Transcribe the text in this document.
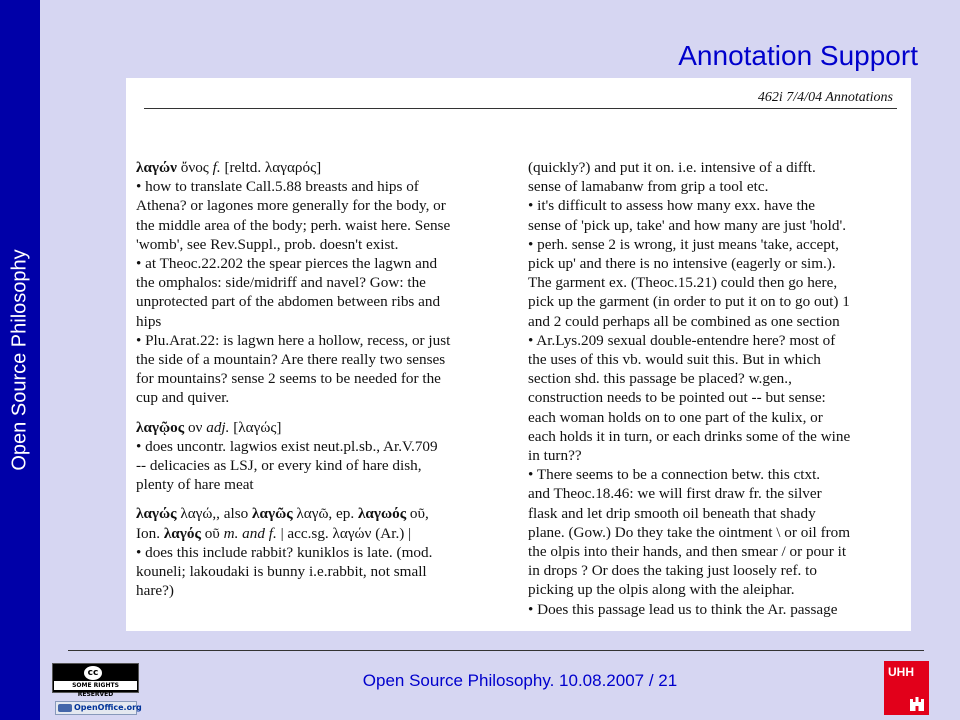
Open Source Philosophy
Annotation Support
462i 7/4/04 Annotations
λαγών ὄνος f. [reltd. λαγαρός]
• how to translate Call.5.88 breasts and hips of
Athena? or lagones more generally for the body, or
the middle area of the body; perh. waist here. Sense
'womb', see Rev.Suppl., prob. doesn't exist.
• at Theoc.22.202 the spear pierces the lagwn and
the omphalos: side/midriff and navel? Gow: the
unprotected part of the abdomen between ribs and
hips
• Plu.Arat.22: is lagwn here a hollow, recess, or just
the side of a mountain? Are there really two senses
for mountains? sense 2 seems to be needed for the
cup and quiver.
λαγῷος ον adj. [λαγώς]
• does uncontr. lagwios exist neut.pl.sb., Ar.V.709
-- delicacies as LSJ, or every kind of hare dish,
plenty of hare meat
λαγώς λαγώ,, also λαγῶς λαγῶ, ep. λαγωός οῦ,
Ion. λαγός οῦ m. and f. | acc.sg. λαγών (Ar.) |
• does this include rabbit? kuniklos is late. (mod.
kouneli; lakoudaki is bunny i.e.rabbit, not small
hare?)
(quickly?) and put it on. i.e. intensive of a difft.
sense of lamabanw from grip a tool etc.
• it's difficult to assess how many exx. have the
sense of 'pick up, take' and how many are just 'hold'.
• perh. sense 2 is wrong, it just means 'take, accept,
pick up' and there is no intensive (eagerly or sim.).
The garment ex. (Theoc.15.21) could then go here,
pick up the garment (in order to put it on to go out) 1
and 2 could perhaps all be combined as one section
• Ar.Lys.209 sexual double-entendre here? most of
the uses of this vb. would suit this. But in which
section shd. this passage be placed? w.gen.,
construction needs to be pointed out -- but sense:
each woman holds on to one part of the kulix, or
each holds it in turn, or each drinks some of the wine
in turn??
• There seems to be a connection betw. this ctxt.
and Theoc.18.46: we will first draw fr. the silver
flask and let drip smooth oil beneath that shady
plane. (Gow.) Do they take the ointment \ or oil from
the olpis into their hands, and then smear / or pour it
in drops ? Or does the taking just loosely ref. to
picking up the olpis along with the aleiphar.
• Does this passage lead us to think the Ar. passage
Open Source Philosophy. 10.08.2007 / 21
cc
SOME RIGHTS RESERVED
OpenOffice.org
UHH
